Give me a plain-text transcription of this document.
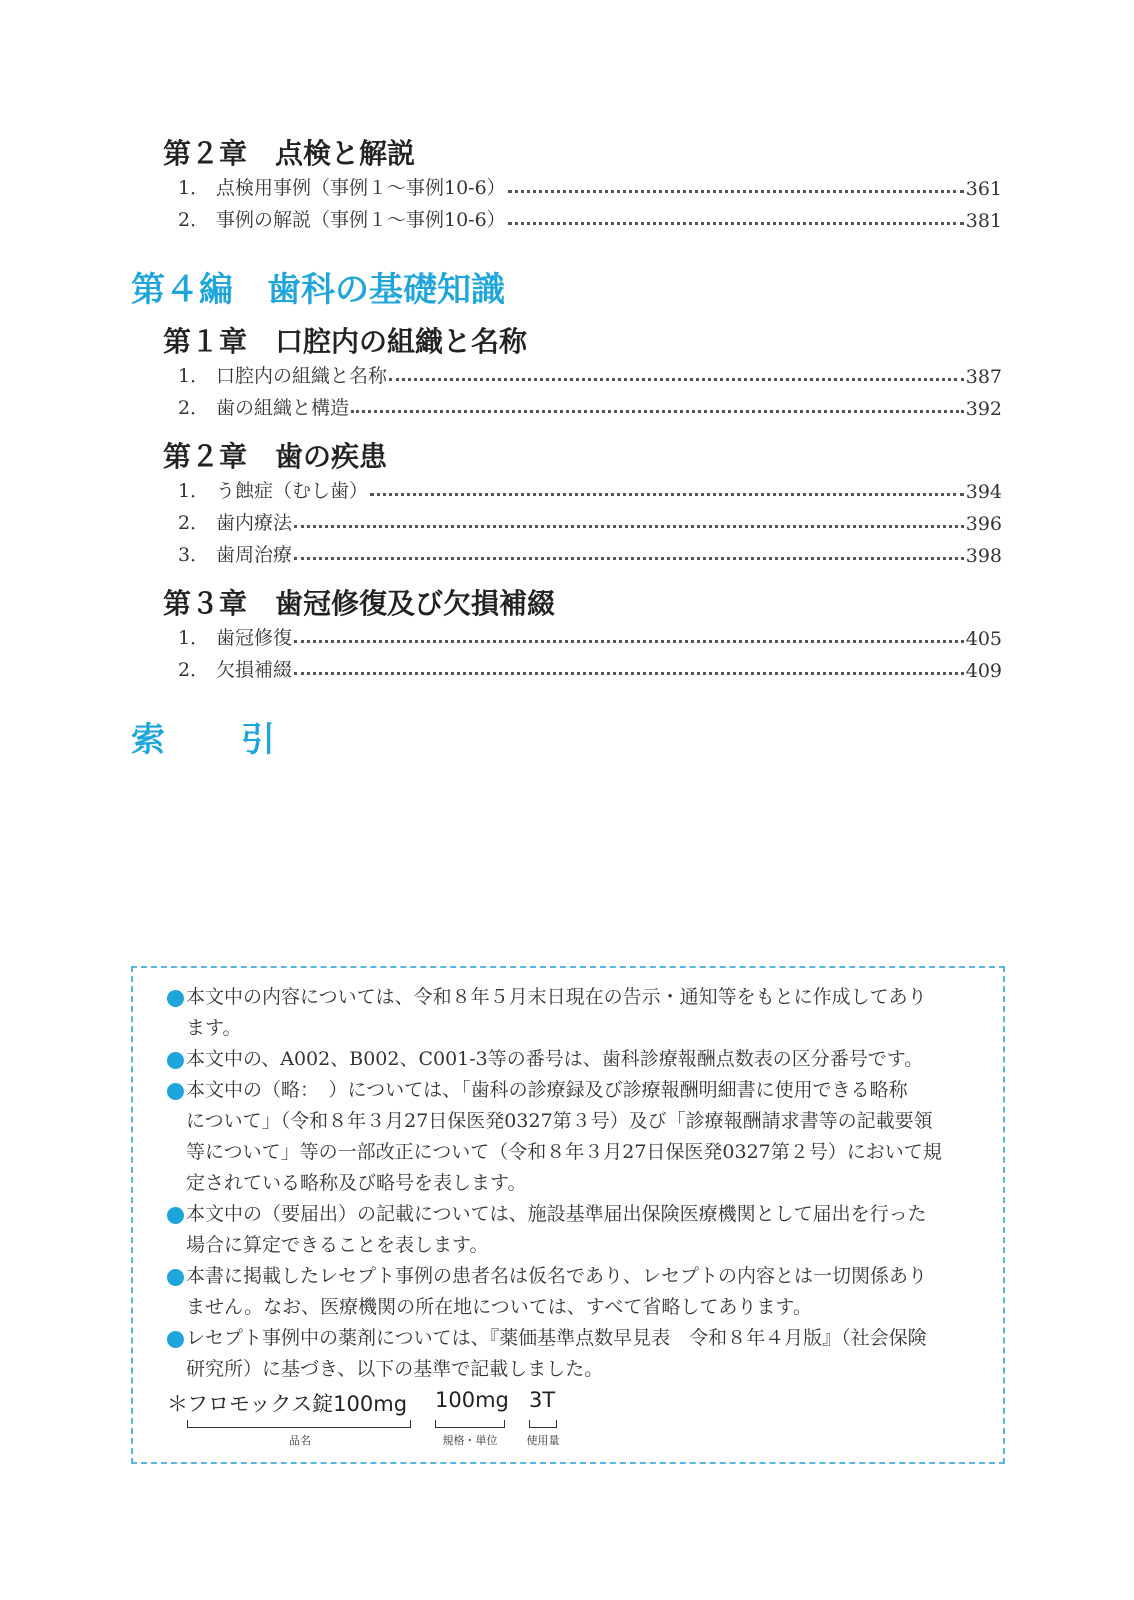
第２章　点検と解説
1． 点検用事例（事例１～事例10-6）	361
2． 事例の解説（事例１～事例10-6）	381
第４編　歯科の基礎知識
第１章　口腔内の組織と名称
1． 口腔内の組織と名称	387
2． 歯の組織と構造	392
第２章　歯の疾患
1． う蝕症（むし歯）	394
2． 歯内療法	396
3． 歯周治療	398
第３章　歯冠修復及び欠損補綴
1． 歯冠修復	405
2． 欠損補綴	409
索 引
本文中の内容については、令和８年５月末日現在の告示・通知等をもとに作成してあり
ます。
本文中の、A002、B002、C001-3等の番号は、歯科診療報酬点数表の区分番号です。
本文中の（略：　）については、「歯科の診療録及び診療報酬明細書に使用できる略称
について」（令和８年３月27日保医発0327第３号）及び「診療報酬請求書等の記載要領
等について」等の一部改正について（令和８年３月27日保医発0327第２号）において規
定されている略称及び略号を表します。
本文中の（要届出）の記載については、施設基準届出保険医療機関として届出を行った
場合に算定できることを表します。
本書に掲載したレセプト事例の患者名は仮名であり、レセプトの内容とは一切関係あり
ません。なお、医療機関の所在地については、すべて省略してあります。
レセプト事例中の薬剤については、『薬価基準点数早見表　令和８年４月版』（社会保険
研究所）に基づき、以下の基準で記載しました。
＊ フロモックス錠100mg 100mg 3T
品名	規格・単位	使用量
